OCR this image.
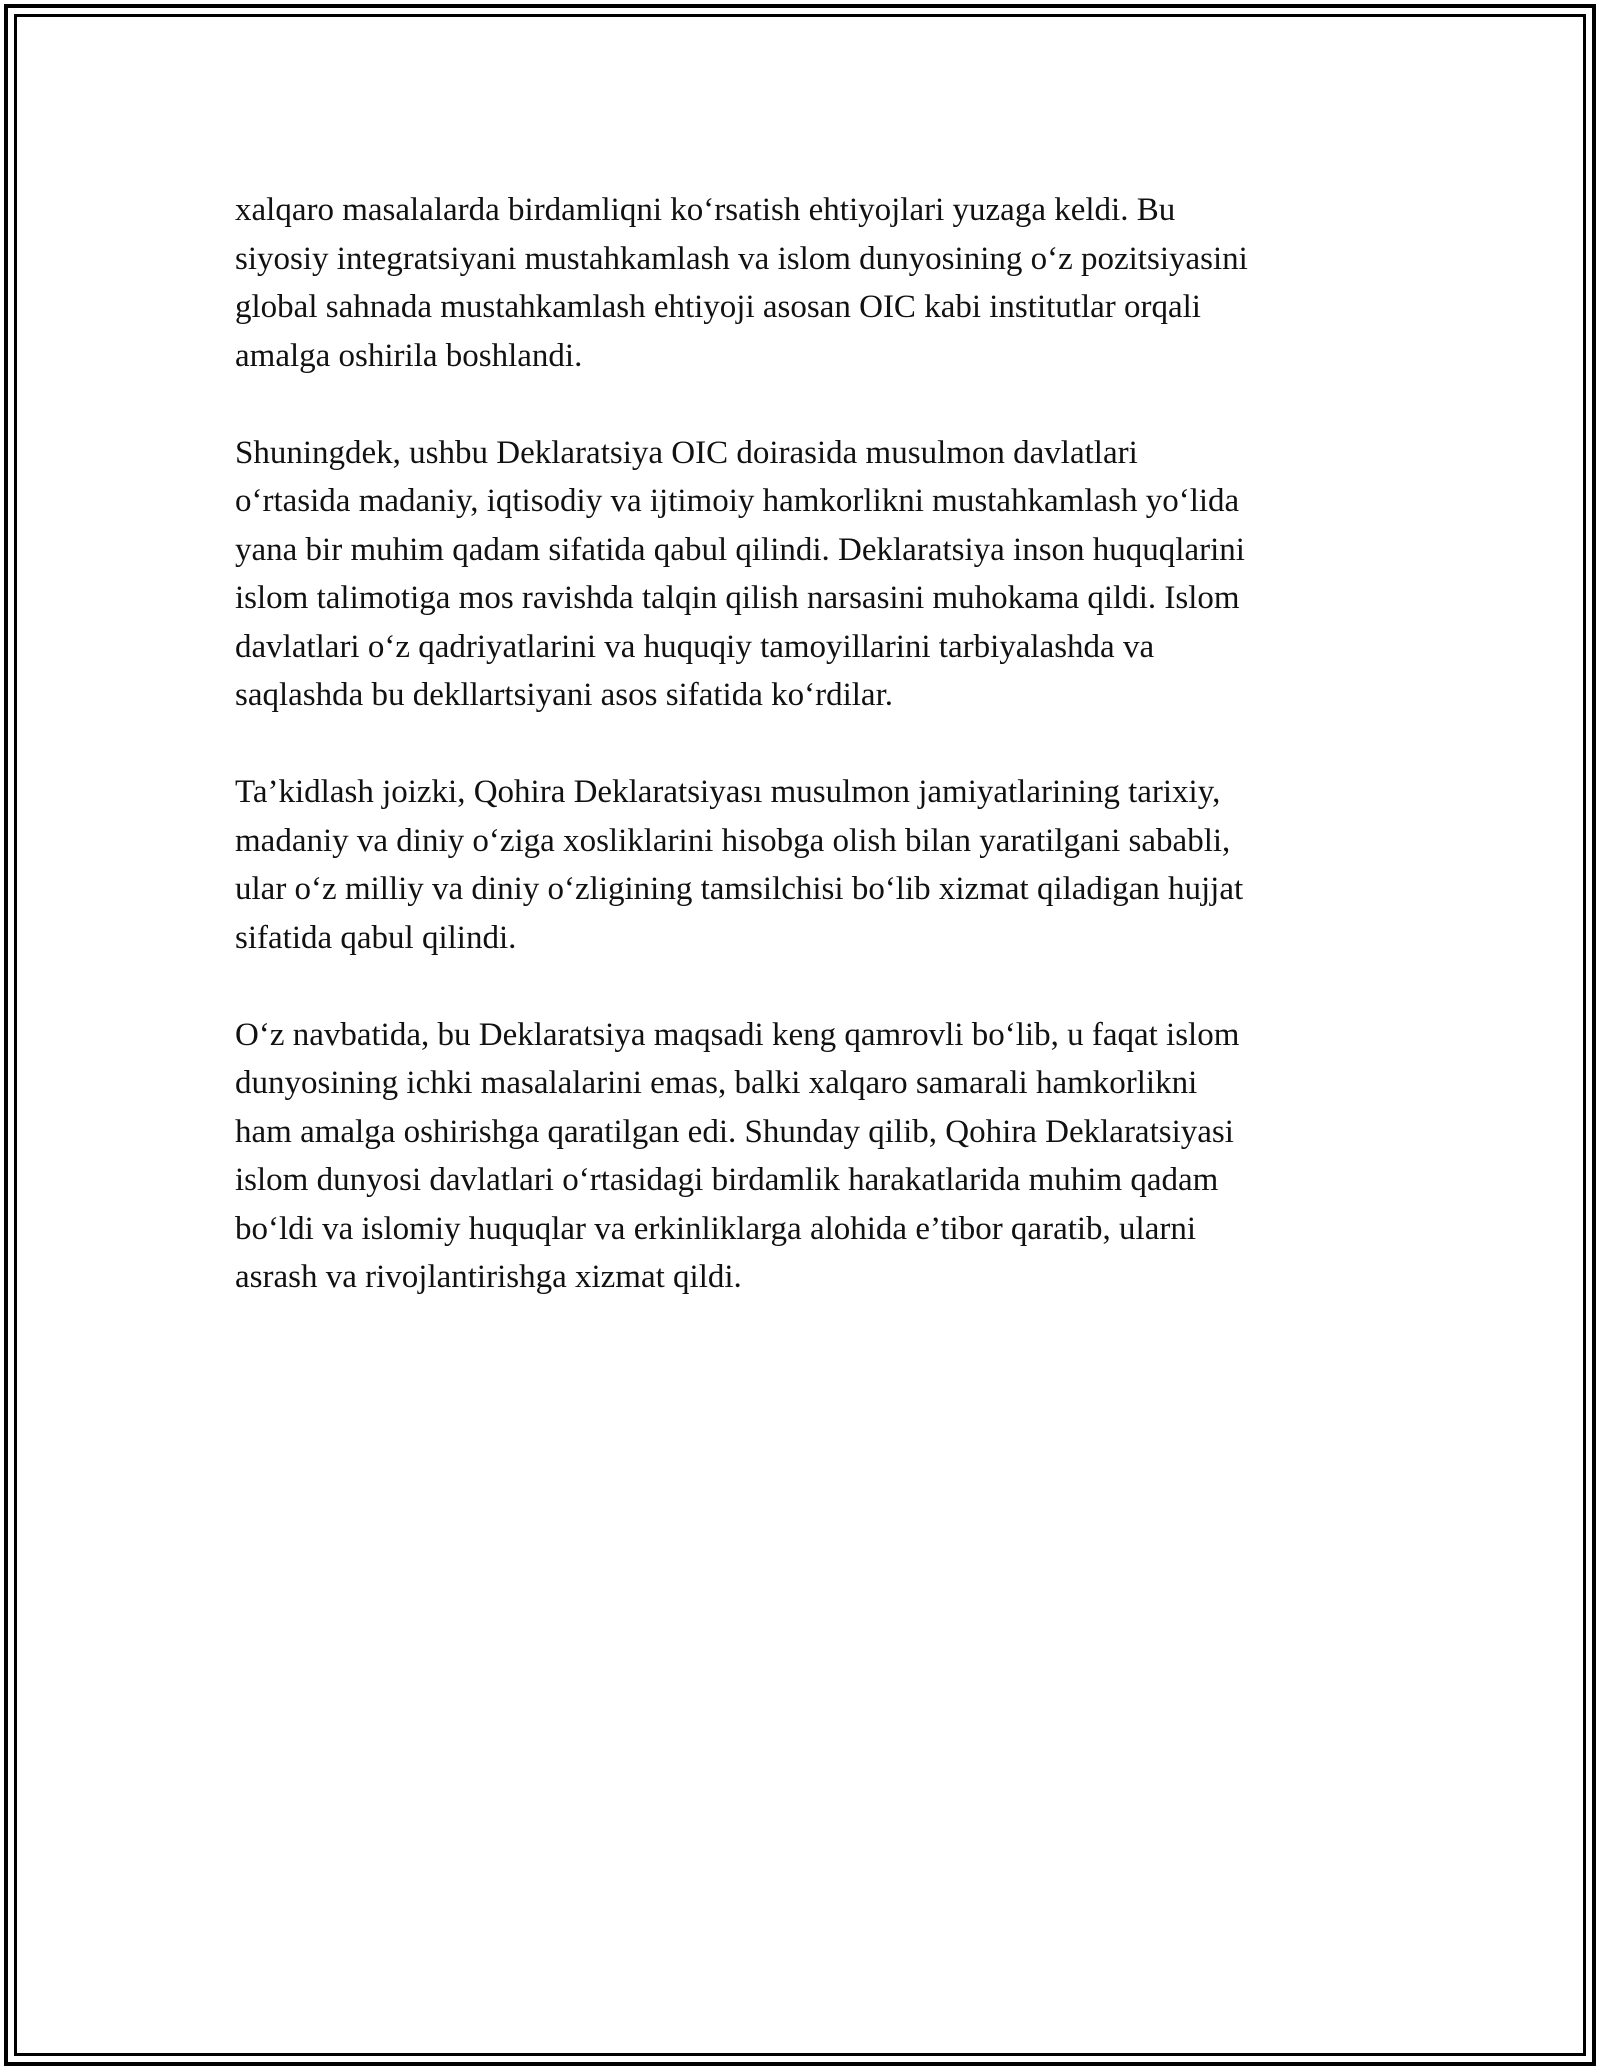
xalqaro masalalarda birdamliqni ko‘rsatish ehtiyojlari yuzaga keldi. Bu
siyosiy integratsiyani mustahkamlash va islom dunyosining o‘z pozitsiyasini
global sahnada mustahkamlash ehtiyoji asosan OIC kabi institutlar orqali
amalga oshirila boshlandi.

Shuningdek, ushbu Deklaratsiya OIC doirasida musulmon davlatlari
o‘rtasida madaniy, iqtisodiy va ijtimoiy hamkorlikni mustahkamlash yo‘lida
yana bir muhim qadam sifatida qabul qilindi. Deklaratsiya inson huquqlarini
islom talimotiga mos ravishda talqin qilish narsasini muhokama qildi. Islom
davlatlari o‘z qadriyatlarini va huquqiy tamoyillarini tarbiyalashda va
saqlashda bu dekllartsiyani asos sifatida ko‘rdilar.

Ta’kidlash joizki, Qohira Deklaratsiyası musulmon jamiyatlarining tarixiy,
madaniy va diniy o‘ziga xosliklarini hisobga olish bilan yaratilgani sababli,
ular o‘z milliy va diniy o‘zligining tamsilchisi bo‘lib xizmat qiladigan hujjat
sifatida qabul qilindi.

O‘z navbatida, bu Deklaratsiya maqsadi keng qamrovli bo‘lib, u faqat islom
dunyosining ichki masalalarini emas, balki xalqaro samarali hamkorlikni
ham amalga oshirishga qaratilgan edi. Shunday qilib, Qohira Deklaratsiyasi
islom dunyosi davlatlari o‘rtasidagi birdamlik harakatlarida muhim qadam
bo‘ldi va islomiy huquqlar va erkinliklarga alohida e’tibor qaratib, ularni
asrash va rivojlantirishga xizmat qildi.
